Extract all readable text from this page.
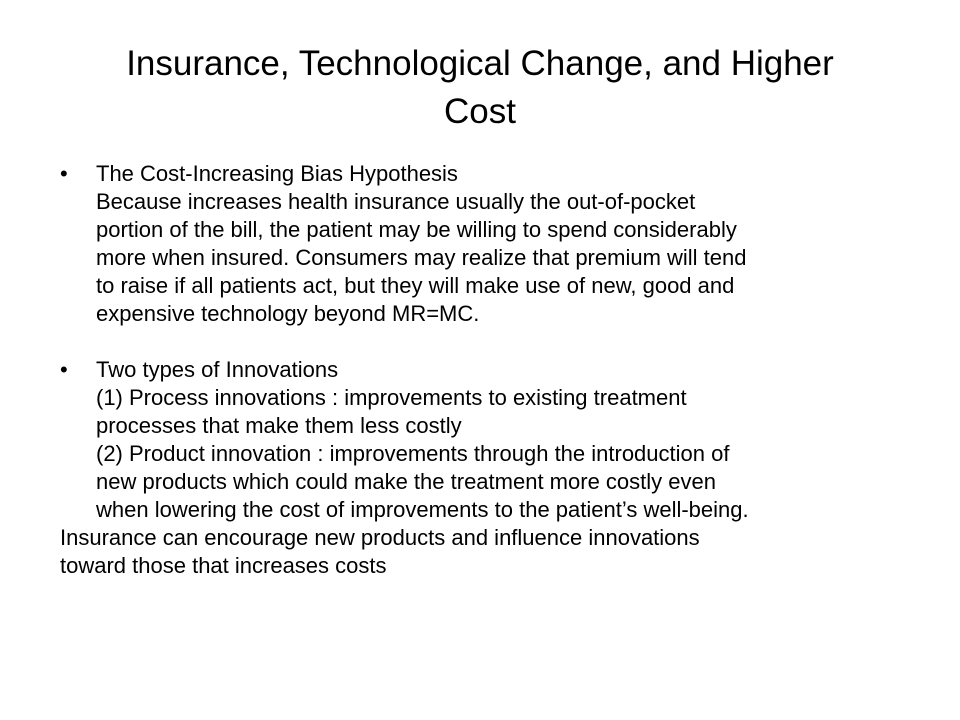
Insurance, Technological Change, and Higher
Cost
• The Cost-Increasing Bias Hypothesis
Because increases health insurance usually the out-of-pocket
portion of the bill, the patient may be willing to spend considerably
more when insured. Consumers may realize that premium will tend
to raise if all patients act, but they will make use of new, good and
expensive technology beyond MR=MC.
• Two types of Innovations
(1) Process innovations : improvements to existing treatment
processes that make them less costly
(2) Product innovation : improvements through the introduction of
new products which could make the treatment more costly even
when lowering the cost of improvements to the patient’s well-being.

Insurance can encourage new products and influence innovations
toward those that increases costs
